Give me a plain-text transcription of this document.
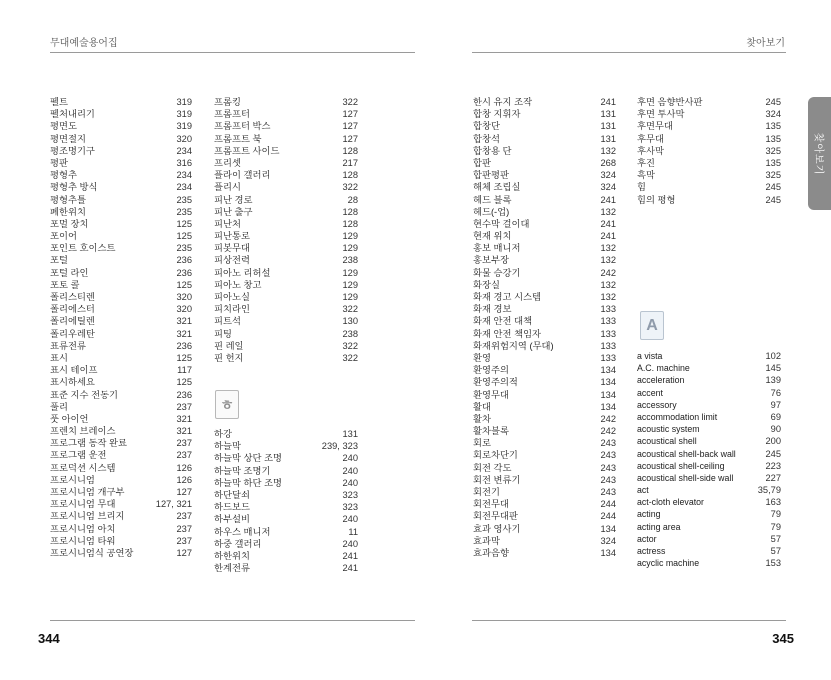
무대예술용어집	찾아보기
펠트	319
펠처내리기	319
평면도	319
평면절지	320
평조명기구	234
평판	316
평형추	234
평형추 방식	234
평형추틀	235
폐한위치	235
포멀 장치	125
포이어	125
포인트 호이스트	235
포털	236
포털 라인	236
포토 콜	125
폴리스티렌	320
폴리에스터	320
폴리에틸렌	321
폴리우레탄	321
표류전류	236
표시	125
표시 테이프	117
표시하세요	125
표준 지수 전동기	236
풀리	237
풋 아이언	321
프렌치 브레이스	321
프로그램 동작 완료	237
프로그램 운전	237
프로덕션 시스템	126
프로시니엄	126
프로시니엄 개구부	127
프로시니엄 무대	127, 321
프로시니엄 브리지	237
프로시니엄 아치	237
프로시니엄 타워	237
프로시니엄식 공연장	127
프롬킹	322
프롬프터	127
프롬프터 박스	127
프롬프트 북	127
프롬프트 사이드	128
프리셋	217
플라이 갤러리	128
플리시	322
피난 경로	28
피난 출구	128
피난처	128
피난통로	129
피봇무대	129
피상전력	238
피아노 리허설	129
피아노 창고	129
피아노실	129
피치라인	322
피트석	130
피팅	238
핀 레일	322
핀 헌지	322
ㅎ
하강	131
하늘막	239, 323
하늘막 상단 조명	240
하늘막 조명기	240
하늘막 하단 조명	240
하단달쇠	323
하드보드	323
하부설비	240
하우스 매니저	11
하중 갤러리	240
하한위치	241
한계전류	241
한시 유지 조작	241
합창 지휘자	131
합창단	131
합창석	131
합창용 단	132
합판	268
합판평판	324
해체 조립실	324
헤드 블록	241
헤드(-업)	132
현수막 걸이대	241
현재 위치	241
홍보 매니저	132
홍보부장	132
화물 승강기	242
화장실	132
화재 경고 시스템	132
화재 경보	133
화재 안전 대책	133
화재 안전 책임자	133
화재위험지역 (무대)	133
환영	133
환영주의	134
환영주의적	134
환영무대	134
활대	134
활차	242
활차블록	242
회로	243
회로차단기	243
회전 각도	243
회전 변류기	243
회전기	243
회전무대	244
회전무대판	244
효과 영사기	134
효과막	324
효과음향	134
후면 음향반사판	245
후면 투사막	324
후면무대	135
후무대	135
후사막	325
후진	135
흑막	325
힘	245
힘의 평형	245
A
a vista	102
A.C. machine	145
acceleration	139
accent	76
accessory	97
accommodation limit	69
acoustic system	90
acoustical shell	200
acoustical shell-back wall	245
acoustical shell-ceiling	223
acoustical shell-side wall	227
act	35,79
act-cloth elevator	163
acting	79
acting area	79
actor	57
actress	57
acyclic machine	153
찾아보기
344	345
